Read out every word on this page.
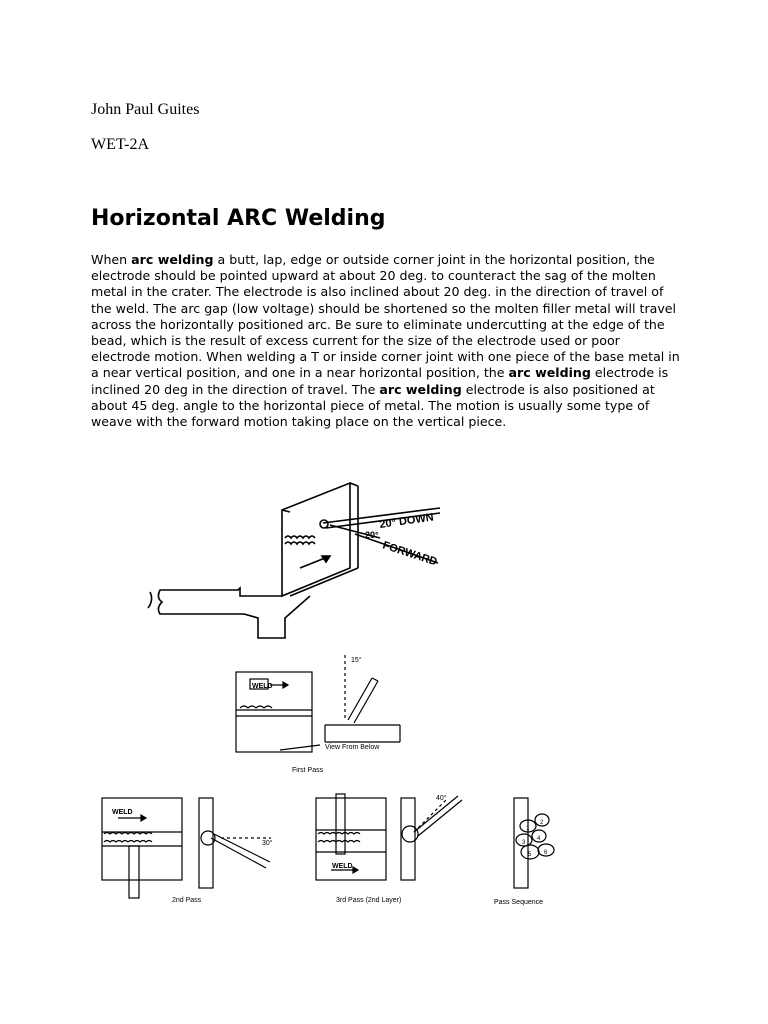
John Paul Guites
WET-2A
Horizontal ARC Welding

When arc welding a butt, lap, edge or outside corner joint in the horizontal position, the electrode should be pointed upward at about 20 deg. to counteract the sag of the molten metal in the crater. The electrode is also inclined about 20 deg. in the direction of travel of the weld. The arc gap (low voltage) should be shortened so the molten filler metal will travel across the horizontally positioned arc. Be sure to eliminate undercutting at the edge of the bead, which is the result of excess current for the size of the electrode used or poor electrode motion. When welding a T or inside corner joint with one piece of the base metal in a near vertical position, and one in a near horizontal position, the arc welding electrode is inclined 20 deg in the direction of travel. The arc welding electrode is also positioned at about 45 deg. angle to the horizontal piece of metal. The motion is usually some type of weave with the forward motion taking place on the vertical piece.

20° DOWN
FORWARD
20°
WELD
15°
View From Below
First Pass
WELD
30°
2nd Pass
WELD
40°
3rd Pass (2nd Layer)	Pass Sequence
1
2
3
4
5 6
